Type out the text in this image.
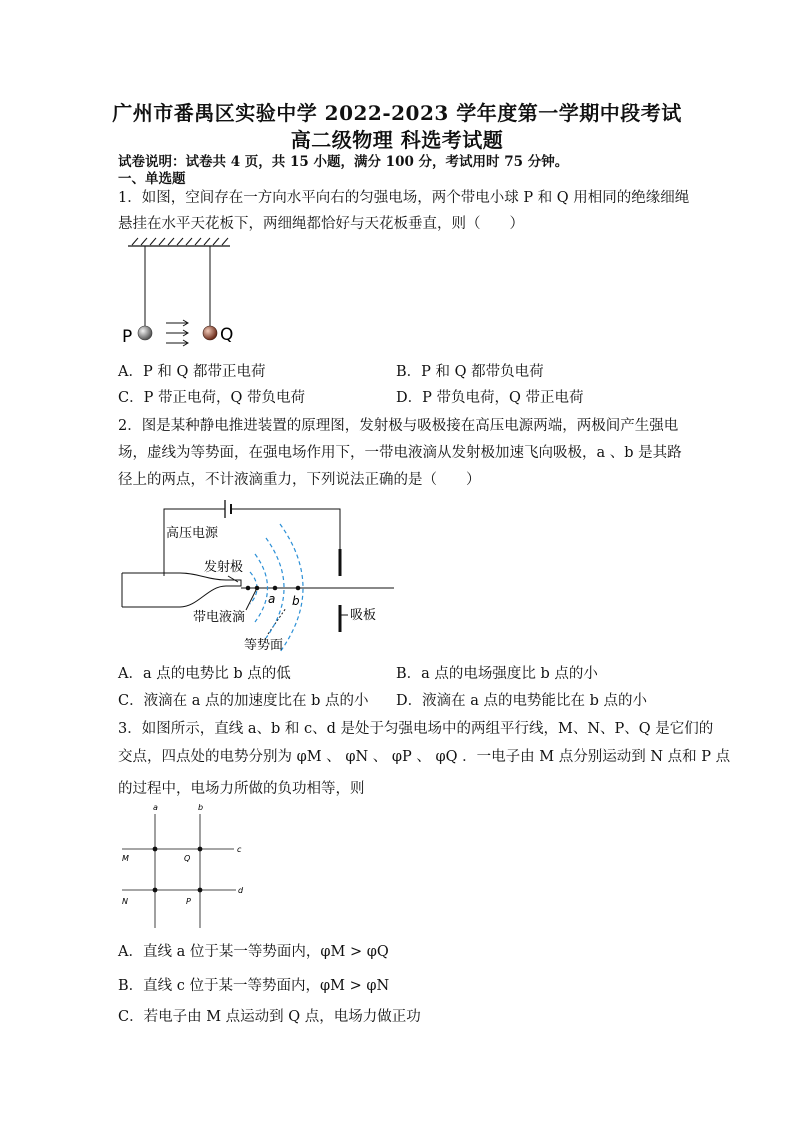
广州市番禺区实验中学 2022-2023 学年度第一学期中段考试
高二级物理 科选考试题
试卷说明：试卷共 4 页，共 15 小题，满分 100 分，考试用时 75 分钟。
一、单选题
1．如图，空间存在一方向水平向右的匀强电场，两个带电小球 P 和 Q 用相同的绝缘细绳
悬挂在水平天花板下，两细绳都恰好与天花板垂直，则（　　）
P	Q
A．P 和 Q 都带正电荷	B．P 和 Q 都带负电荷
C．P 带正电荷，Q 带负电荷	D．P 带负电荷，Q 带正电荷
2．图是某种静电推进装置的原理图，发射极与吸极接在高压电源两端，两极间产生强电
场，虚线为等势面，在强电场作用下，一带电液滴从发射极加速飞向吸极，a 、b 是其路
径上的两点，不计液滴重力，下列说法正确的是（　　）
高压电源
发射极
带电液滴
等势面
吸板
a b
A．a 点的电势比 b 点的低	B．a 点的电场强度比 b 点的小
C．液滴在 a 点的加速度比在 b 点的小 D．液滴在 a 点的电势能比在 b 点的小
3．如图所示，直线 a、b 和 c、d 是处于匀强电场中的两组平行线，M、N、P、Q 是它们的
交点，四点处的电势分别为 φM 、 φN 、 φP 、 φQ ．一电子由 M 点分别运动到 N 点和 P 点
的过程中，电场力所做的负功相等，则
a	b
c
d
M	Q
N	P
A．直线 a 位于某一等势面内，φM > φQ
B．直线 c 位于某一等势面内，φM > φN
C．若电子由 M 点运动到 Q 点，电场力做正功
